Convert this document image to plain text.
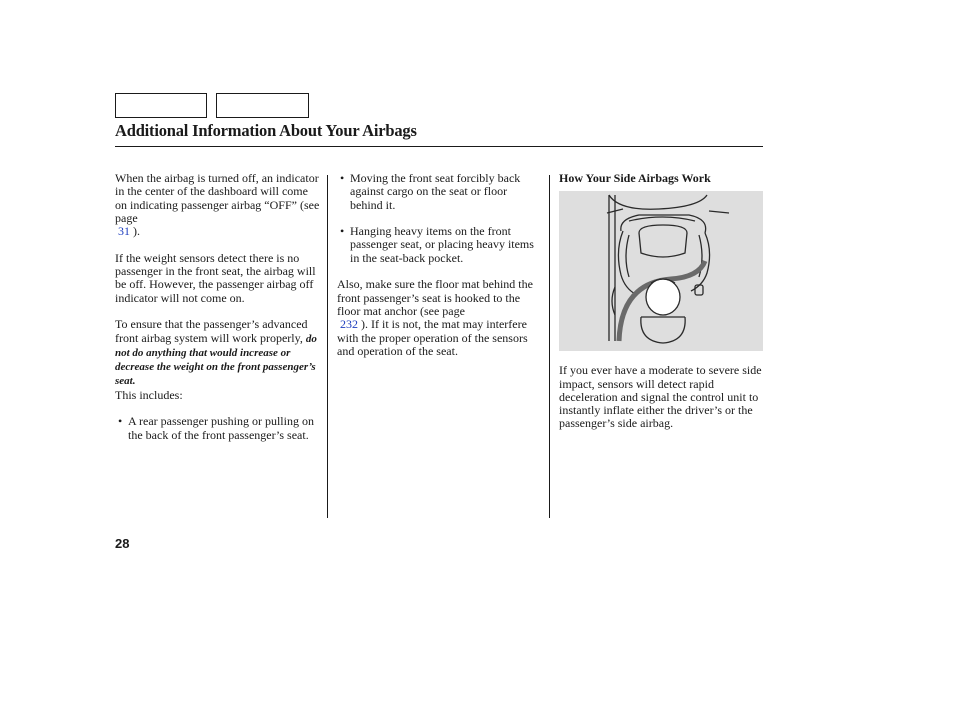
Additional Information About Your Airbags

When the airbag is turned off, an indicator in the center of the dashboard will come on indicating passenger airbag “OFF” (see page
31 ).

If the weight sensors detect there is no passenger in the front seat, the airbag will be off. However, the passenger airbag off indicator will not come on.

To ensure that the passenger’s advanced front airbag system will work properly, do not do anything that would increase or decrease the weight on the front passenger’s seat.
This includes:

• A rear passenger pushing or pulling on the back of the front passenger’s seat.
• Moving the front seat forcibly back against cargo on the seat or floor behind it.
• Hanging heavy items on the front passenger seat, or placing heavy items in the seat-back pocket.

Also, make sure the floor mat behind the front passenger’s seat is hooked to the floor mat anchor (see page
232 ). If it is not, the mat may interfere with the proper operation of the sensors and operation of the seat.

How Your Side Airbags Work

If you ever have a moderate to severe side impact, sensors will detect rapid deceleration and signal the control unit to instantly inflate either the driver’s or the passenger’s side airbag.

28
